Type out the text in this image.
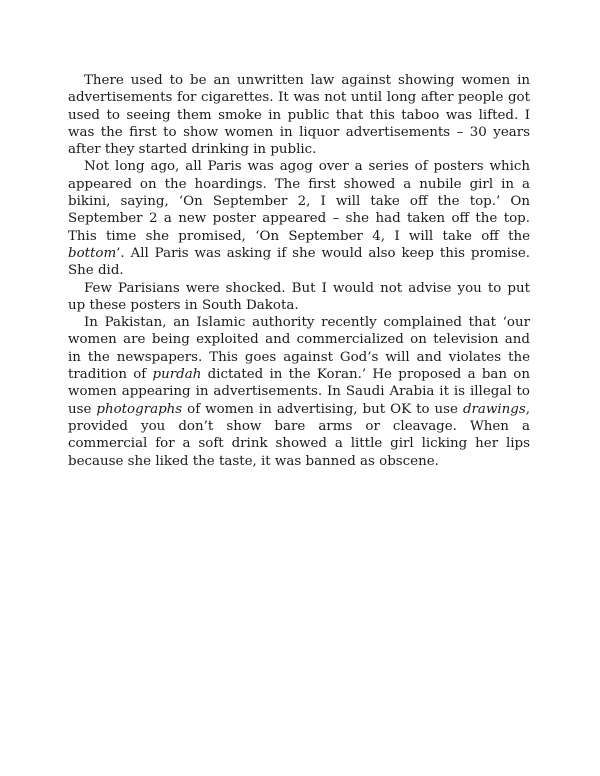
There used to be an unwritten law against showing women in advertisements for cigarettes. It was not until long after people got used to seeing them smoke in public that this taboo was lifted. I was the first to show women in liquor advertisements – 30 years after they started drinking in public.

Not long ago, all Paris was agog over a series of posters which appeared on the hoardings. The first showed a nubile girl in a bikini, saying, ‘On September 2, I will take off the top.’ On September 2 a new poster appeared – she had taken off the top. This time she promised, ‘On September 4, I will take off the bottom’. All Paris was asking if she would also keep this promise. She did.

Few Parisians were shocked. But I would not advise you to put up these posters in South Dakota.

In Pakistan, an Islamic authority recently complained that ‘our women are being exploited and commercialized on television and in the newspapers. This goes against God’s will and violates the tradition of purdah dictated in the Koran.’ He proposed a ban on women appearing in advertisements. In Saudi Arabia it is illegal to use photographs of women in advertising, but OK to use drawings, provided you don’t show bare arms or cleavage. When a commercial for a soft drink showed a little girl licking her lips because she liked the taste, it was banned as obscene.
